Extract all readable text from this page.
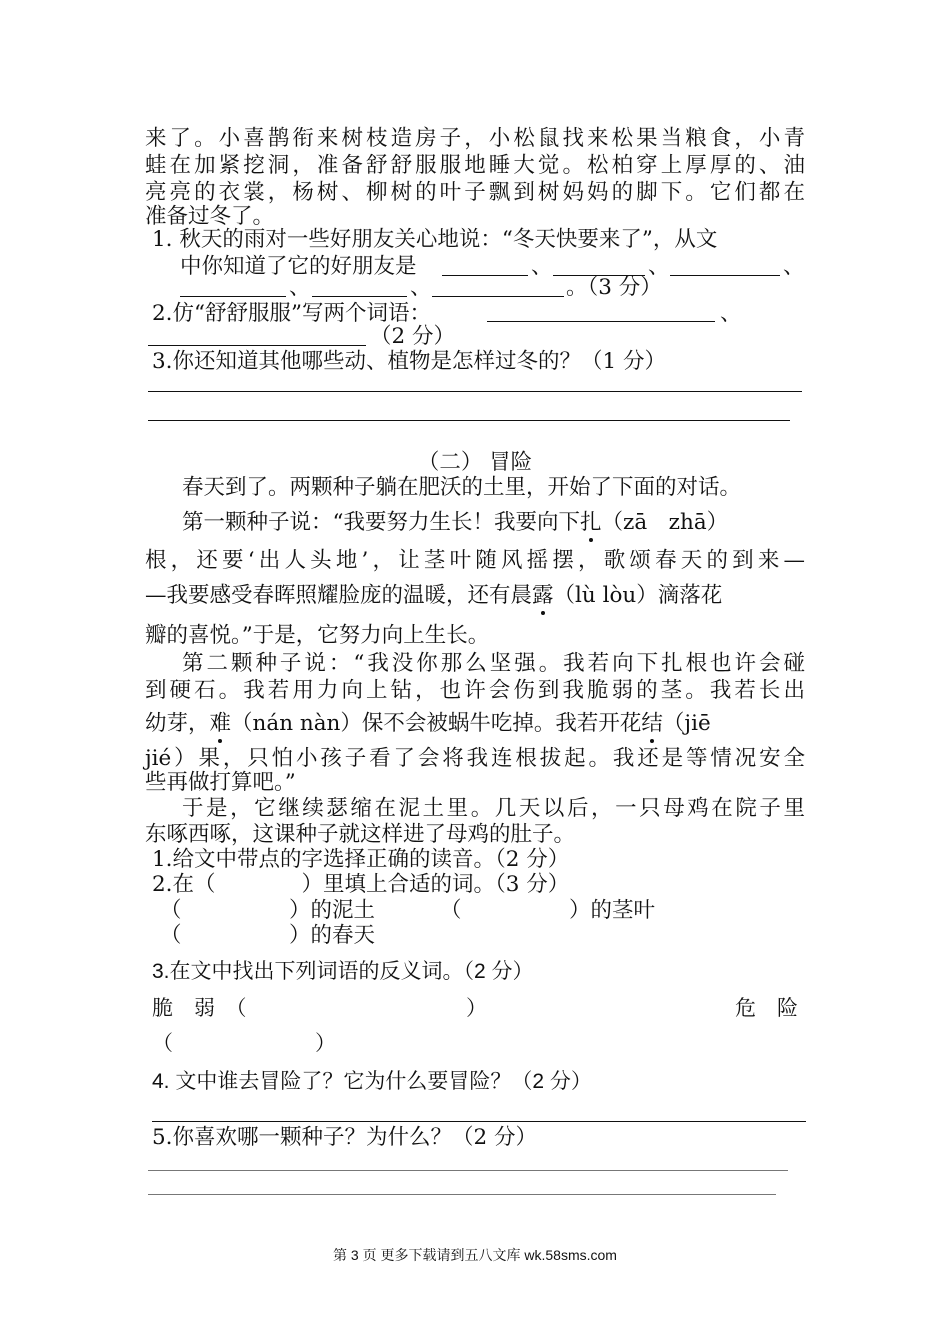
来了。小喜鹊衔来树枝造房子，小松鼠找来松果当粮食，小青
蛙在加紧挖洞，准备舒舒服服地睡大觉。松柏穿上厚厚的、油
亮亮的衣裳，杨树、柳树的叶子飘到树妈妈的脚下。它们都在
准备过冬了。
1. 秋天的雨对一些好朋友关心地说：“冬天快要来了”，从文
中你知道了它的好朋友是	、	、	、
、	、	。（3 分）
2.仿“舒舒服服”写两个词语：	、
（2 分）
3.你还知道其他哪些动、植物是怎样过冬的？（1 分）
（二） 冒险
春天到了。两颗种子躺在肥沃的土里，开始了下面的对话。
第一颗种子说：“我要努力生长！我要向下扎（zā　zhā）
根，还要‘出人头地’，让茎叶随风摇摆，歌颂春天的到来—
—我要感受春晖照耀脸庞的温暖，还有晨露（lù lòu）滴落花
瓣的喜悦。”于是，它努力向上生长。
第二颗种子说：“我没你那么坚强。我若向下扎根也许会碰
到硬石。我若用力向上钻，也许会伤到我脆弱的茎。我若长出
幼芽，难（nán nàn）保不会被蜗牛吃掉。我若开花结（jiē
jié）果，只怕小孩子看了会将我连根拔起。我还是等情况安全
些再做打算吧。”
于是，它继续瑟缩在泥土里。几天以后，一只母鸡在院子里
东啄西啄，这课种子就这样进了母鸡的肚子。
1.给文中带点的字选择正确的读音。（2 分）
2.在（　　　　）里填上合适的词。（3 分）
（　　　　　）的泥土	（　　　　　）的茎叶
（　　　　　）的春天
3.在文中找出下列词语的反义词。（2 分）
脆　弱　（	）	危　险
（	）
4. 文中谁去冒险了？它为什么要冒险？（2 分）
5.你喜欢哪一颗种子？为什么？（2 分）
第 3 页 更多下载请到五八文库 wk.58sms.com
